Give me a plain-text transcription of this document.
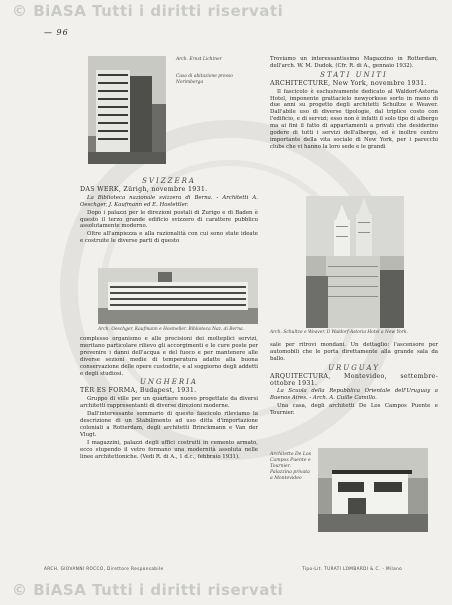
© BiASA Tutti i diritti riservati
© BiASA Tutti i diritti riservati
— 96
Arch. Ernst Lichtner
Casa di abitazione presso Norimberga
SVIZZERA

DAS WERK, Zürigh, novembre 1931.

La Biblioteca nazionale svizzera di Berna. - Architetti A. Oeschger, J. Kaufmann ed E. Hostettler.

Dopo i palazzi per le direzioni postali di Zurigo e di Baden è questo il terzo grande edificio svizzero di carattere pubblico assolutamente moderno.

Oltre all'ampiezza e alla razionalità con cui sono state ideate e costruite le diverse parti di questo

Arch. Oeschger, Kaufmann e Hosmeller. Biblioteca Naz. di Berna.

complesso organismo e alle precisioni dei molteplici servizi, meritano particolare rilievo gli accorgimenti e le cure poste per prevenire i danni dell'acqua e del fuoco e per mantenere alle diverse sezioni medie di temperatura adatte alla buona conservazione delle opere custodite, e al soggiorno degli addetti e degli studiosi.

UNGHERIA

TÉR ES FORMA, Budapest, 1931.

Gruppo di ville per un quartiere nuovo progettate da diversi architetti rappresentanti di diverse direzioni moderne.

Dall'interessante sommario di questo fascicolo rileviamo la descrizione di un Stabilimento ad uso ditta d'importazione coloniali a Rotterdam, degli architetti Brinckmann e Van der Vlugt.

I magazzini, palazzi degli uffici costruiti in cemento armato, ecco stupendo il vetro formano una modernità assoluta nelle linee architettoniche. (Vedi R. di A., 1 d.c., febbraio 1931).

Troviamo un interessantissimo Magazzino in Rotterdam, dell'arch. W. M. Dudok. (Cfr. R. di A., gennaio 1932).

STATI UNITI

ARCHITECTURE, New York, novembre 1931.

Il fascicolo è esclusivamente dedicato al Waldorf-Astoria Hotel, imponente grattacielo newyorkese sorto in meno di due anni su progetto degli architetti Schultze e Weaver. Dall'abile uso di diverse tipologie, dal triplice costo con l'edificio, e di servizi; esso non è infatti il solo tipo di albergo ma ai fini il fatto di appartamenti a privati che desiderino godere di tutti i servizi dell'albergo, ed è inoltre centro importante della vita sociale di New York, per i parecchi clubs che vi hanno la loro sede e le grandi

Arch. Schultze e Weaver. Il Waldorf-Astoria Hotel a New York.

sale per ritrovi mondani. Un dettaglio: l'ascensore per automobili che le porta direttamente alla grande sala da ballo.

URUGUAY

ARQUITECTURA, Montevideo, settembre-ottobre 1931.

La Scuola della Repubblica Orientale dell'Uruguay a Buenos Aires. - Arch. A. Cuille Camillo.

Una casa, degli architetti De Los Campos Puente e Tournier.

Architetto De Los Campos Puente e Tournier. Palazzina privata a Montevideo
ARCH. GIOVANNI ROCCO, Direttore Responsabile	Tipo-Lit. TURATI LOMBARDI & C. - Milano
